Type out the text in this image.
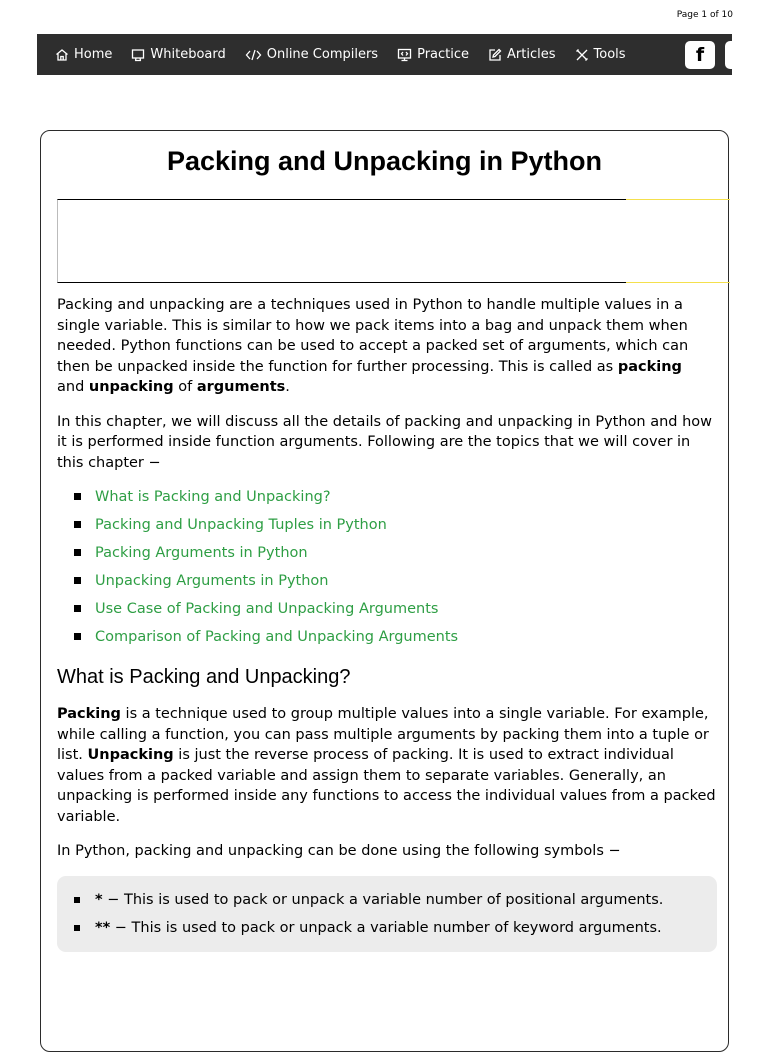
Page 1 of 10
Home	Whiteboard	Online Compilers	Practice	Articles	Tools	f
Packing and Unpacking in Python

Packing and unpacking are a techniques used in Python to handle multiple values in a single variable. This is similar to how we pack items into a bag and unpack them when needed. Python functions can be used to accept a packed set of arguments, which can then be unpacked inside the function for further processing. This is called as packing
and unpacking of arguments.

In this chapter, we will discuss all the details of packing and unpacking in Python and how it is performed inside function arguments. Following are the topics that we will cover in this chapter −

What is Packing and Unpacking?
Packing and Unpacking Tuples in Python
Packing Arguments in Python
Unpacking Arguments in Python
Use Case of Packing and Unpacking Arguments
Comparison of Packing and Unpacking Arguments
What is Packing and Unpacking?

Packing is a technique used to group multiple values into a single variable. For example, while calling a function, you can pass multiple arguments by packing them into a tuple or list. Unpacking is just the reverse process of packing. It is used to extract individual values from a packed variable and assign them to separate variables. Generally, an unpacking is performed inside any functions to access the individual values from a packed variable.

In Python, packing and unpacking can be done using the following symbols −

* − This is used to pack or unpack a variable number of positional arguments.
** − This is used to pack or unpack a variable number of keyword arguments.
